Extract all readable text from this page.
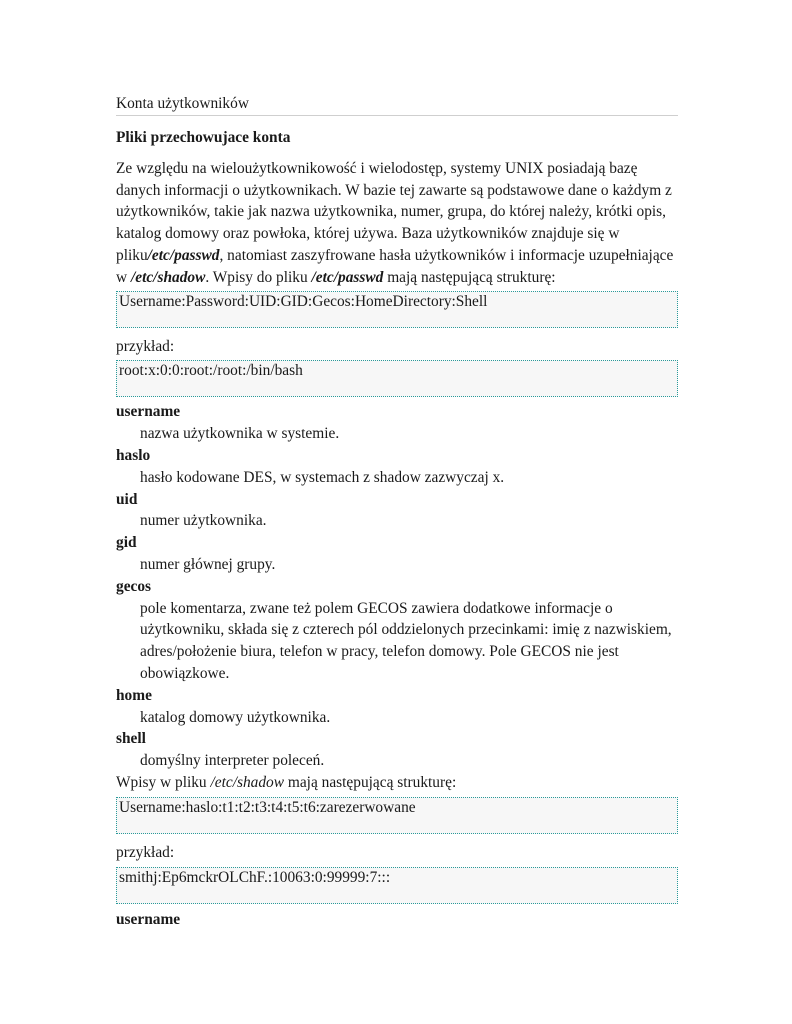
Konta użytkowników
Pliki przechowujace konta

Ze względu na wieloużytkownikowość i wielodostęp, systemy UNIX posiadają bazę danych informacji o użytkownikach. W bazie tej zawarte są podstawowe dane o każdym z użytkowników, takie jak nazwa użytkownika, numer, grupa, do której należy, krótki opis, katalog domowy oraz powłoka, której używa. Baza użytkowników znajduje się w pliku/etc/passwd, natomiast zaszyfrowane hasła użytkowników i informacje uzupełniające w /etc/shadow. Wpisy do pliku /etc/passwd mają następującą strukturę:

Username:Password:UID:GID:Gecos:HomeDirectory:Shell

przykład:

root:x:0:0:root:/root:/bin/bash
username
nazwa użytkownika w systemie.
haslo
hasło kodowane DES, w systemach z shadow zazwyczaj x.
uid
numer użytkownika.
gid
numer głównej grupy.
gecos
pole komentarza, zwane też polem GECOS zawiera dodatkowe informacje o użytkowniku, składa się z czterech pól oddzielonych przecinkami: imię z nazwiskiem, adres/położenie biura, telefon w pracy, telefon domowy. Pole GECOS nie jest obowiązkowe.
home
katalog domowy użytkownika.
shell
domyślny interpreter poleceń.

Wpisy w pliku /etc/shadow mają następującą strukturę:

Username:haslo:t1:t2:t3:t4:t5:t6:zarezerwowane

przykład:

smithj:Ep6mckrOLChF.:10063:0:99999:7:::
username
